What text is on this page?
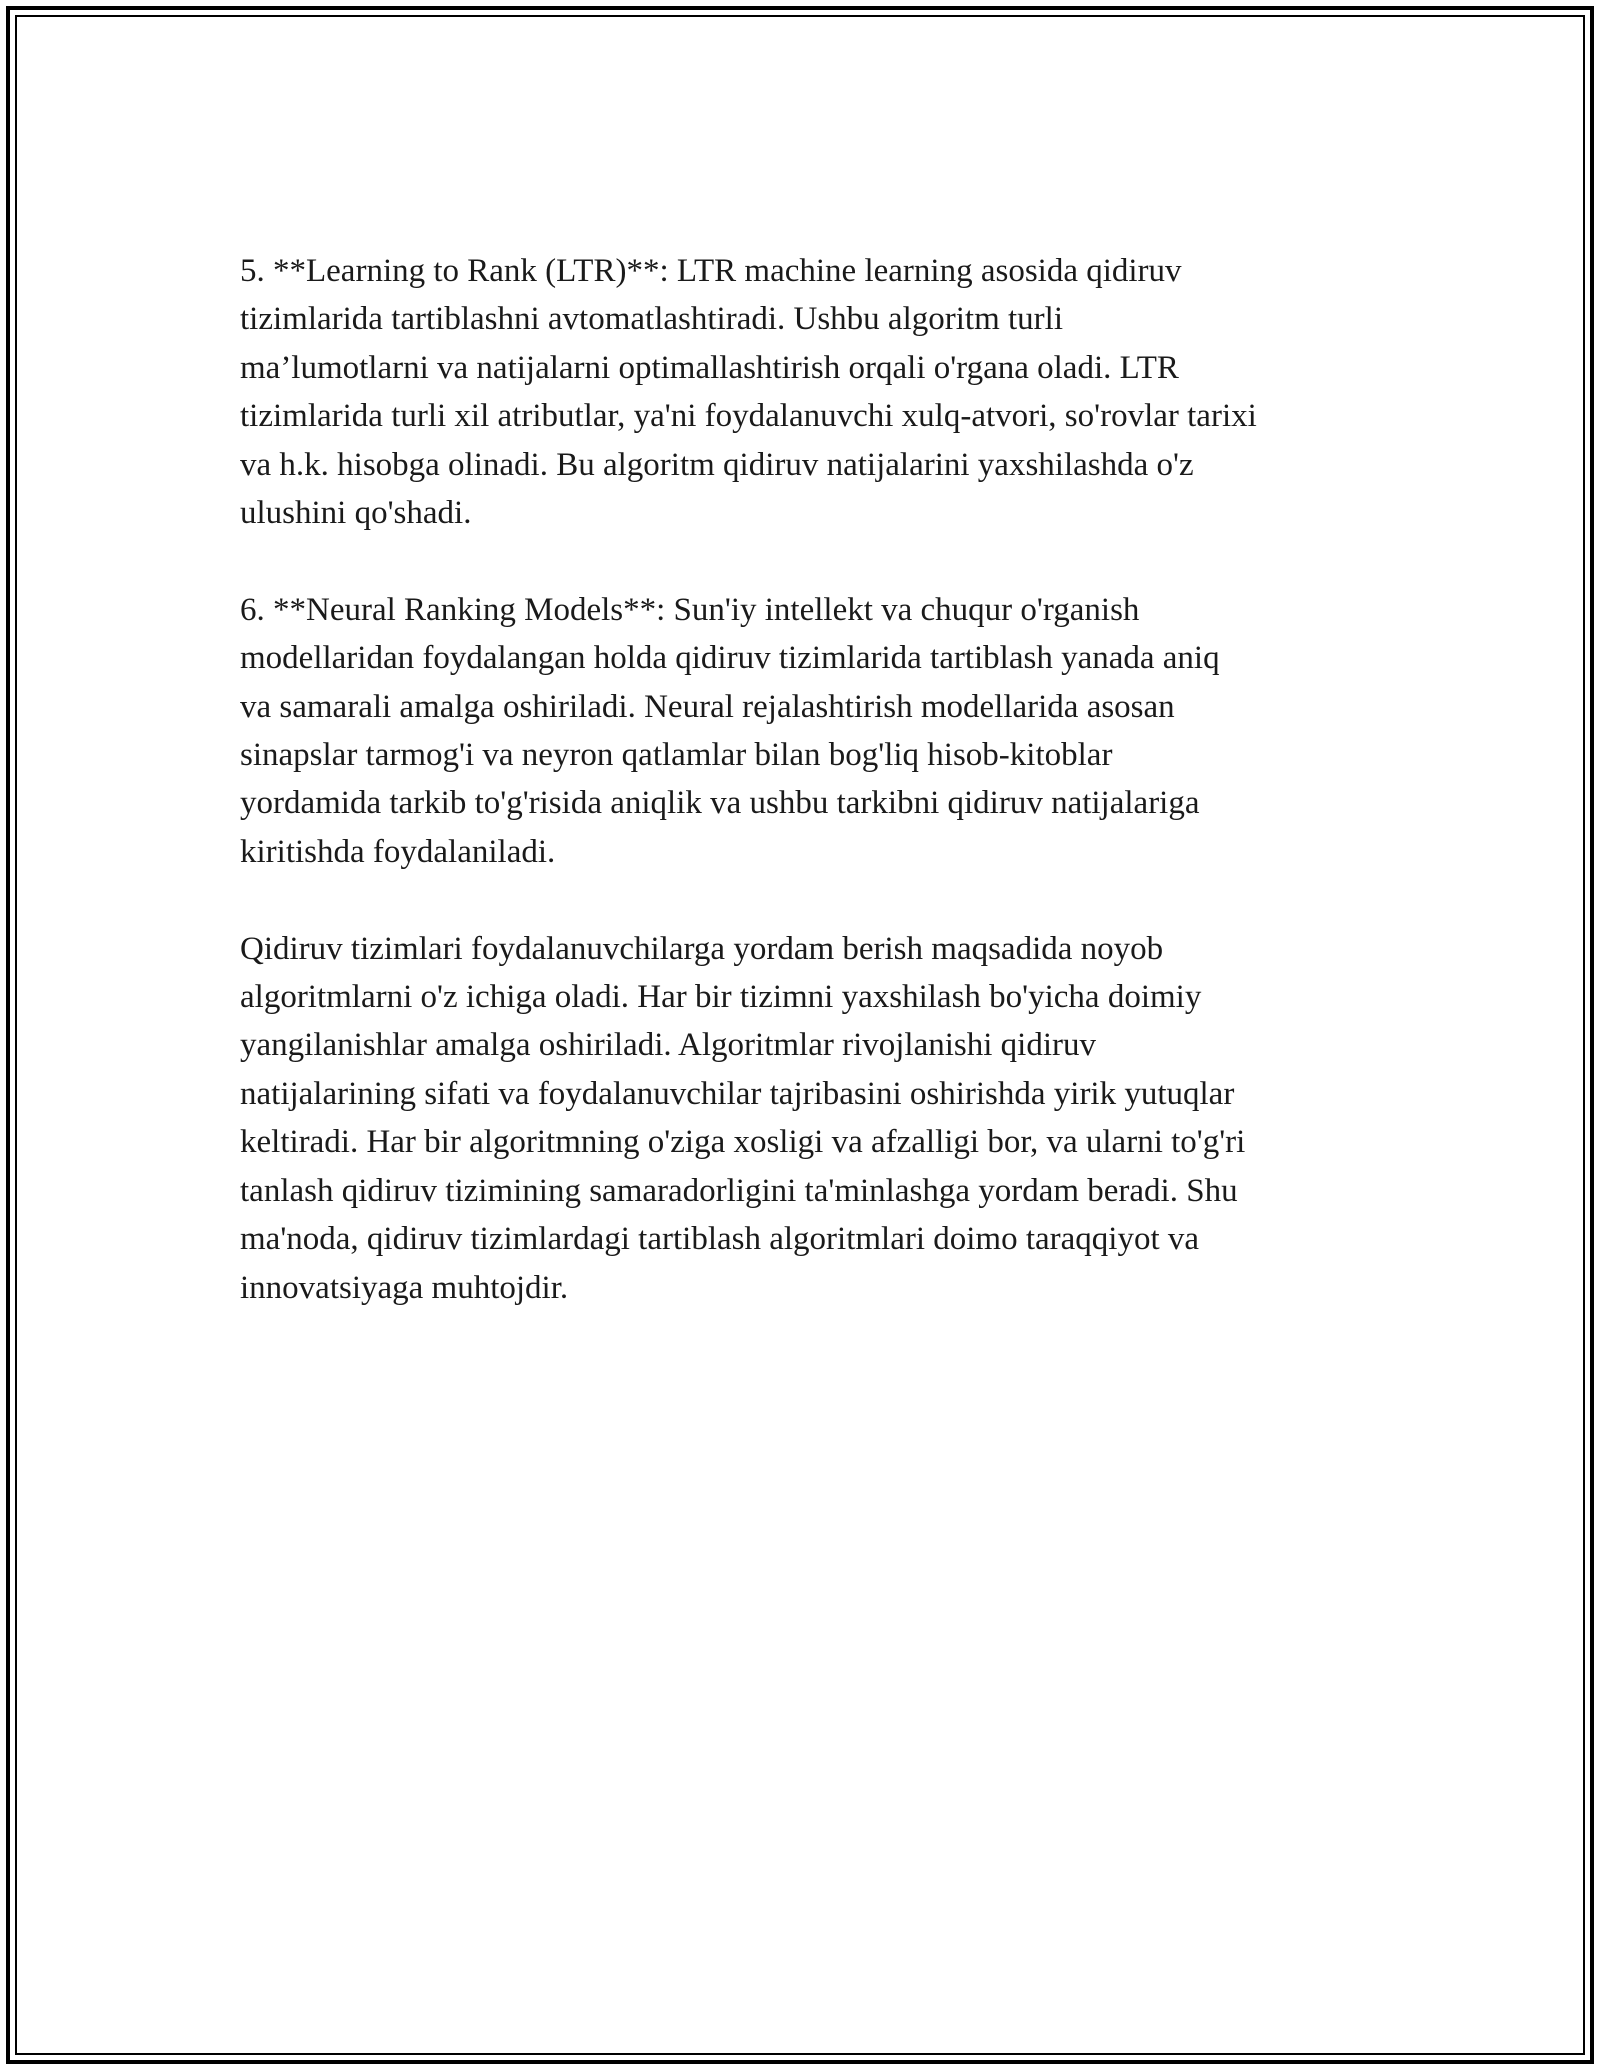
5. **Learning to Rank (LTR)**: LTR machine learning asosida qidiruv
tizimlarida tartiblashni avtomatlashtiradi. Ushbu algoritm turli
ma’lumotlarni va natijalarni optimallashtirish orqali o'rgana oladi. LTR
tizimlarida turli xil atributlar, ya'ni foydalanuvchi xulq-atvori, so'rovlar tarixi
va h.k. hisobga olinadi. Bu algoritm qidiruv natijalarini yaxshilashda o'z
ulushini qo'shadi.

6. **Neural Ranking Models**: Sun'iy intellekt va chuqur o'rganish
modellaridan foydalangan holda qidiruv tizimlarida tartiblash yanada aniq
va samarali amalga oshiriladi. Neural rejalashtirish modellarida asosan
sinapslar tarmog'i va neyron qatlamlar bilan bog'liq hisob-kitoblar
yordamida tarkib to'g'risida aniqlik va ushbu tarkibni qidiruv natijalariga
kiritishda foydalaniladi.

Qidiruv tizimlari foydalanuvchilarga yordam berish maqsadida noyob
algoritmlarni o'z ichiga oladi. Har bir tizimni yaxshilash bo'yicha doimiy
yangilanishlar amalga oshiriladi. Algoritmlar rivojlanishi qidiruv
natijalarining sifati va foydalanuvchilar tajribasini oshirishda yirik yutuqlar
keltiradi. Har bir algoritmning o'ziga xosligi va afzalligi bor, va ularni to'g'ri
tanlash qidiruv tizimining samaradorligini ta'minlashga yordam beradi. Shu
ma'noda, qidiruv tizimlardagi tartiblash algoritmlari doimo taraqqiyot va
innovatsiyaga muhtojdir.
